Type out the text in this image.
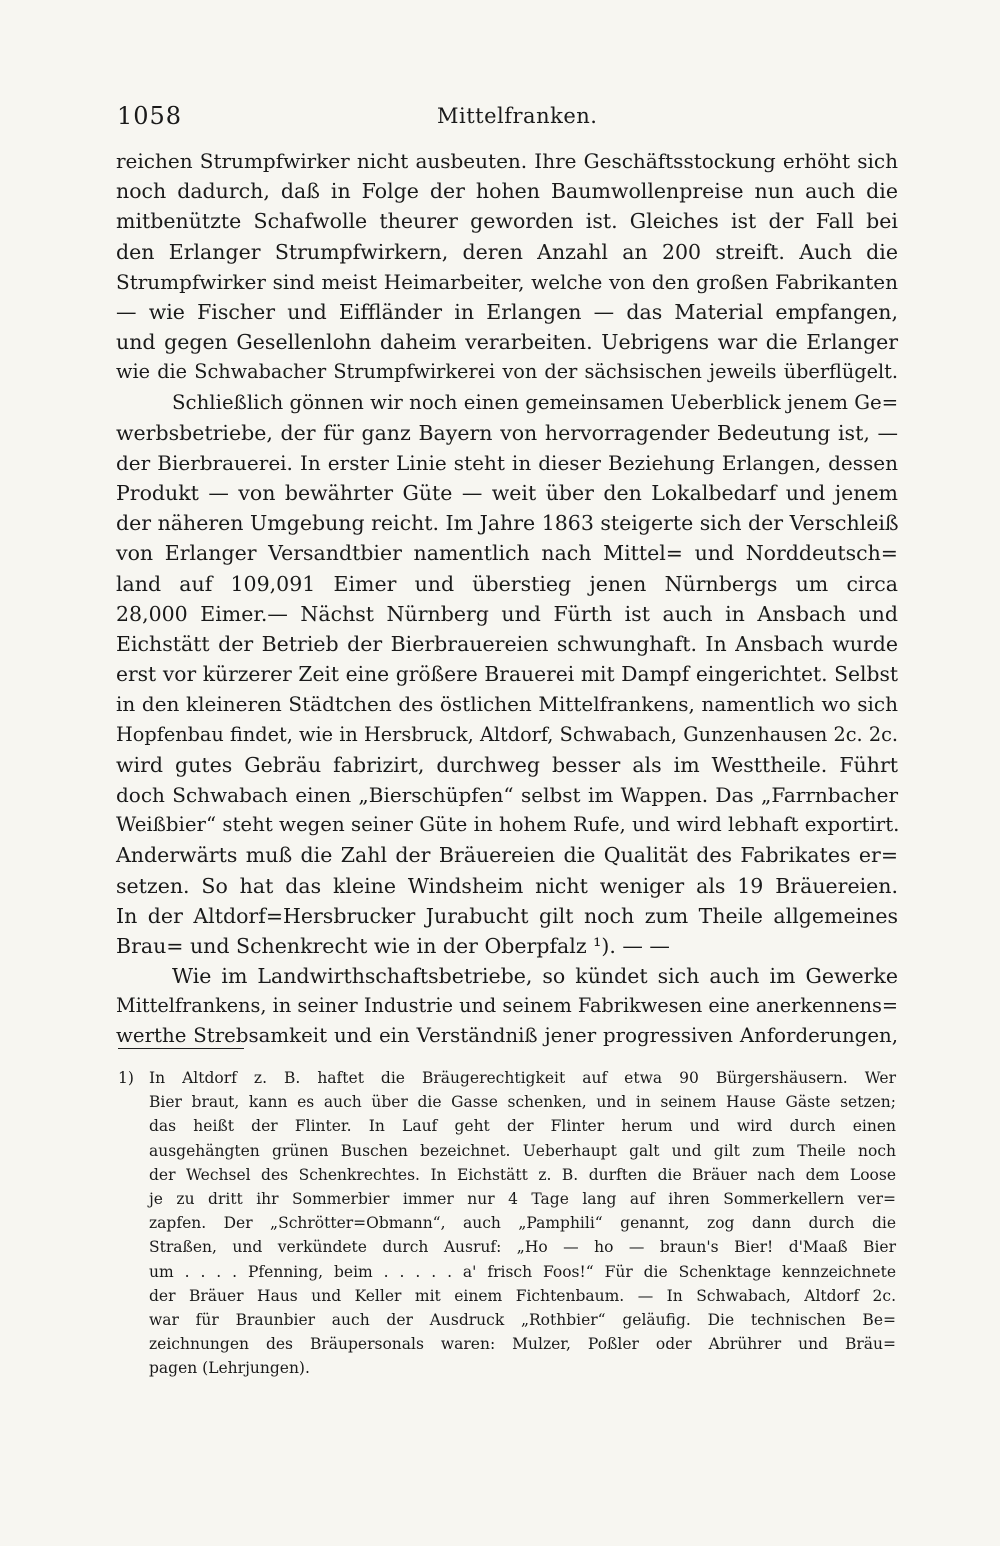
1058	Mittelfranken.
reichen Strumpfwirker nicht ausbeuten. Ihre Geschäftsstockung erhöht sich
noch dadurch, daß in Folge der hohen Baumwollenpreise nun auch die
mitbenützte Schafwolle theurer geworden ist. Gleiches ist der Fall bei
den Erlanger Strumpfwirkern, deren Anzahl an 200 streift. Auch die
Strumpfwirker sind meist Heimarbeiter, welche von den großen Fabrikanten
— wie Fischer und Eiffländer in Erlangen — das Material empfangen,
und gegen Gesellenlohn daheim verarbeiten. Uebrigens war die Erlanger
wie die Schwabacher Strumpfwirkerei von der sächsischen jeweils überflügelt.
Schließlich gönnen wir noch einen gemeinsamen Ueberblick jenem Ge=
werbsbetriebe, der für ganz Bayern von hervorragender Bedeutung ist, —
der Bierbrauerei. In erster Linie steht in dieser Beziehung Erlangen, dessen
Produkt — von bewährter Güte — weit über den Lokalbedarf und jenem
der näheren Umgebung reicht. Im Jahre 1863 steigerte sich der Verschleiß
von Erlanger Versandtbier namentlich nach Mittel= und Norddeutsch=
land auf 109,091 Eimer und überstieg jenen Nürnbergs um circa
28,000 Eimer.— Nächst Nürnberg und Fürth ist auch in Ansbach und
Eichstätt der Betrieb der Bierbrauereien schwunghaft. In Ansbach wurde
erst vor kürzerer Zeit eine größere Brauerei mit Dampf eingerichtet. Selbst
in den kleineren Städtchen des östlichen Mittelfrankens, namentlich wo sich
Hopfenbau findet, wie in Hersbruck, Altdorf, Schwabach, Gunzenhausen 2c. 2c.
wird gutes Gebräu fabrizirt, durchweg besser als im Westtheile. Führt
doch Schwabach einen „Bierschüpfen“ selbst im Wappen. Das „Farrnbacher
Weißbier“ steht wegen seiner Güte in hohem Rufe, und wird lebhaft exportirt.
Anderwärts muß die Zahl der Bräuereien die Qualität des Fabrikates er=
setzen. So hat das kleine Windsheim nicht weniger als 19 Bräuereien.
In der Altdorf=Hersbrucker Jurabucht gilt noch zum Theile allgemeines
Brau= und Schenkrecht wie in der Oberpfalz ¹). — —
Wie im Landwirthschaftsbetriebe, so kündet sich auch im Gewerke
Mittelfrankens, in seiner Industrie und seinem Fabrikwesen eine anerkennens=
werthe Strebsamkeit und ein Verständniß jener progressiven Anforderungen,
1) In Altdorf z. B. haftet die Bräugerechtigkeit auf etwa 90 Bürgershäusern. Wer
Bier braut, kann es auch über die Gasse schenken, und in seinem Hause Gäste setzen;
das heißt der Flinter. In Lauf geht der Flinter herum und wird durch einen
ausgehängten grünen Buschen bezeichnet. Ueberhaupt galt und gilt zum Theile noch
der Wechsel des Schenkrechtes. In Eichstätt z. B. durften die Bräuer nach dem Loose
je zu dritt ihr Sommerbier immer nur 4 Tage lang auf ihren Sommerkellern ver=
zapfen. Der „Schrötter=Obmann“, auch „Pamphili“ genannt, zog dann durch die
Straßen, und verkündete durch Ausruf: „Ho — ho — braun's Bier! d'Maaß Bier
um . . . . Pfenning, beim . . . . . a' frisch Foos!“ Für die Schenktage kennzeichnete
der Bräuer Haus und Keller mit einem Fichtenbaum. — In Schwabach, Altdorf 2c.
war für Braunbier auch der Ausdruck „Rothbier“ geläufig. Die technischen Be=
zeichnungen des Bräupersonals waren: Mulzer, Poßler oder Abrührer und Bräu=
pagen (Lehrjungen).
